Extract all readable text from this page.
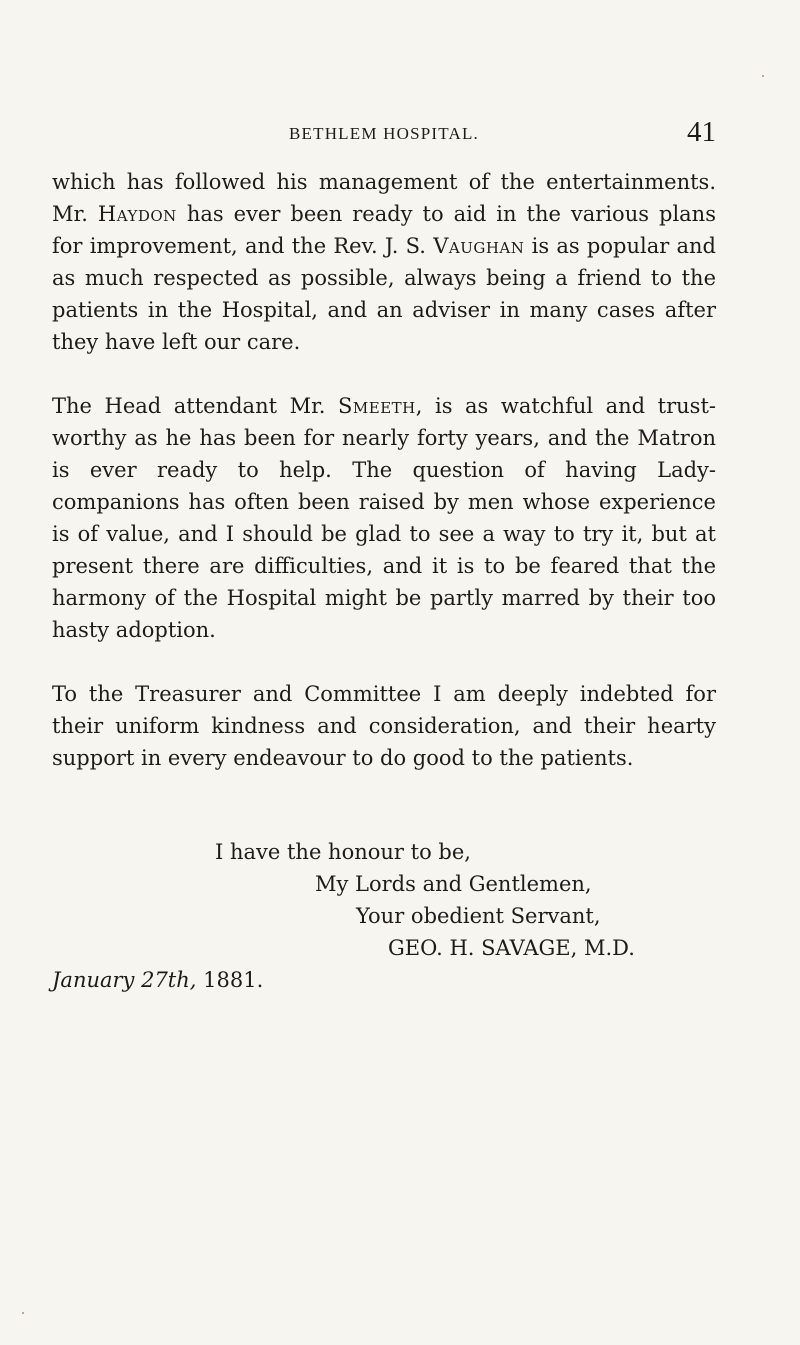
BETHLEM HOSPITAL.	41

which has followed his management of the entertainments. Mr. Haydon has ever been ready to aid in the various plans for improvement, and the Rev. J. S. Vaughan is as popular and as much respected as possible, always being a friend to the patients in the Hospital, and an adviser in many cases after they have left our care.

The Head attendant Mr. Smeeth, is as watchful and trust-worthy as he has been for nearly forty years, and the Matron is ever ready to help. The question of having Lady-companions has often been raised by men whose experience is of value, and I should be glad to see a way to try it, but at present there are difficulties, and it is to be feared that the harmony of the Hospital might be partly marred by their too hasty adoption.

To the Treasurer and Committee I am deeply indebted for their uniform kindness and consideration, and their hearty support in every endeavour to do good to the patients.

I have the honour to be,
My Lords and Gentlemen,
Your obedient Servant,
GEO. H. SAVAGE, M.D.
January 27th, 1881.
